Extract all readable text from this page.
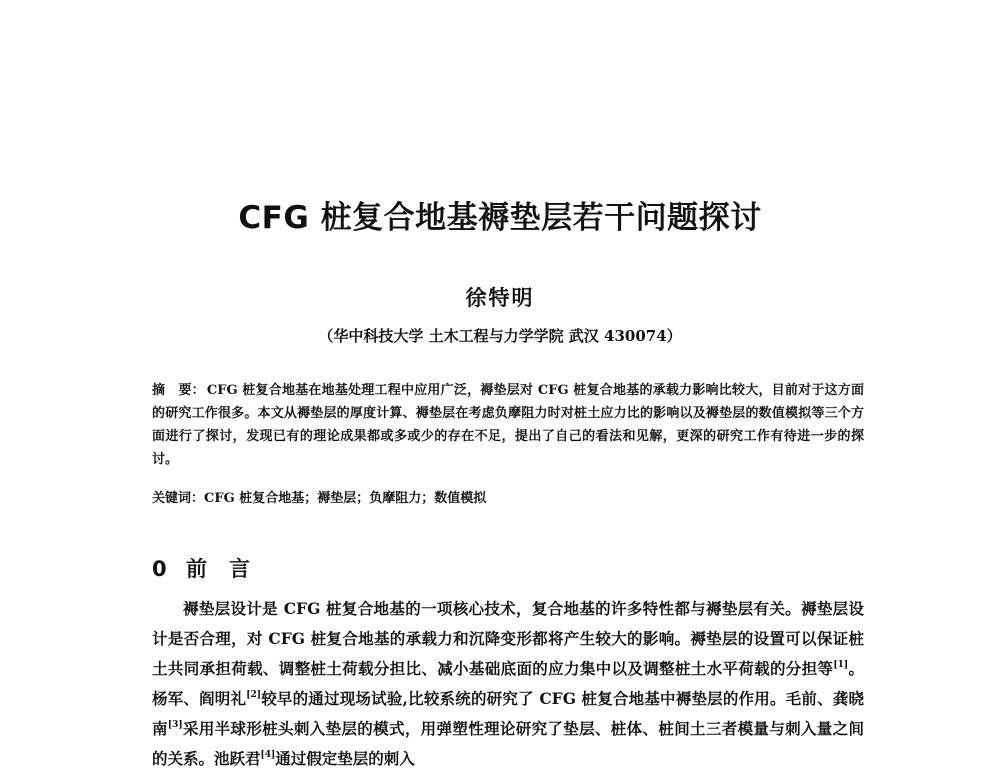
CFG 桩复合地基褥垫层若干问题探讨
徐特明
（华中科技大学 土木工程与力学学院 武汉 430074）
摘　要： CFG 桩复合地基在地基处理工程中应用广泛，褥垫层对 CFG 桩复合地基的承载力影响比较大，目前对于这方面的研究工作很多。本文从褥垫层的厚度计算、褥垫层在考虑负摩阻力时对桩土应力比的影响以及褥垫层的数值模拟等三个方面进行了探讨，发现已有的理论成果都或多或少的存在不足，提出了自己的看法和见解，更深的研究工作有待进一步的探讨。
关键词：CFG 桩复合地基；褥垫层；负摩阻力；数值模拟
0 前言
褥垫层设计是 CFG 桩复合地基的一项核心技术，复合地基的许多特性都与褥垫层有关。褥垫层设计是否合理，对 CFG 桩复合地基的承载力和沉降变形都将产生较大的影响。褥垫层的设置可以保证桩土共同承担荷载、调整桩土荷载分担比、减小基础底面的应力集中以及调整桩土水平荷载的分担等[1]。杨军、阎明礼[2]较早的通过现场试验,比较系统的研究了 CFG 桩复合地基中褥垫层的作用。毛前、龚晓南[3]采用半球形桩头刺入垫层的模式，用弹塑性理论研究了垫层、桩体、桩间土三者模量与刺入量之间的关系。池跃君[4]通过假定垫层的刺入
